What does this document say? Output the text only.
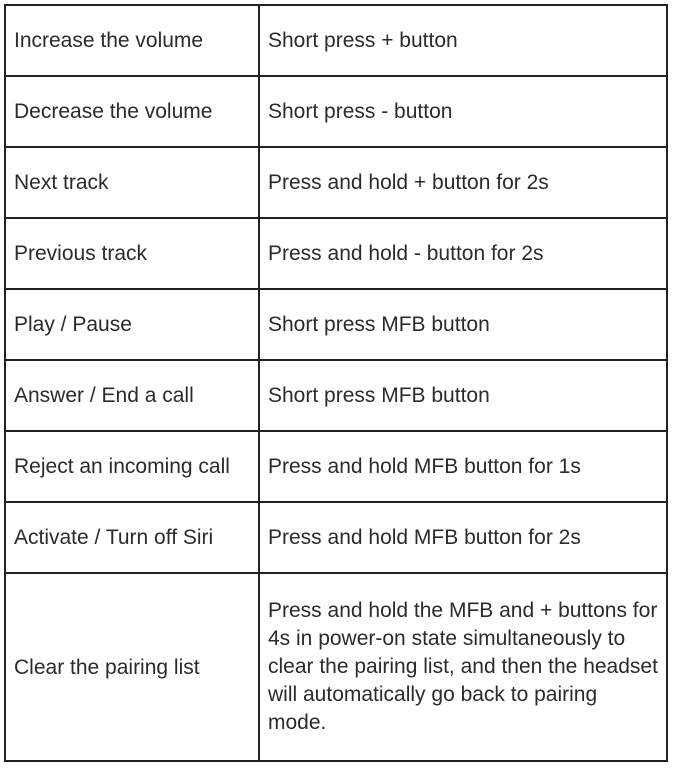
Increase the volume	Short press + button
Decrease the volume	Short press - button
Next track	Press and hold + button for 2s
Previous track	Press and hold - button for 2s
Play / Pause	Short press MFB button
Answer / End a call	Short press MFB button
Reject an incoming call	Press and hold MFB button for 1s
Activate / Turn off Siri	Press and hold MFB button for 2s
Clear the pairing list	Press and hold the MFB and + buttons for 4s in power-on state simultaneously to clear the pairing list, and then the headset will automatically go back to pairing mode.
